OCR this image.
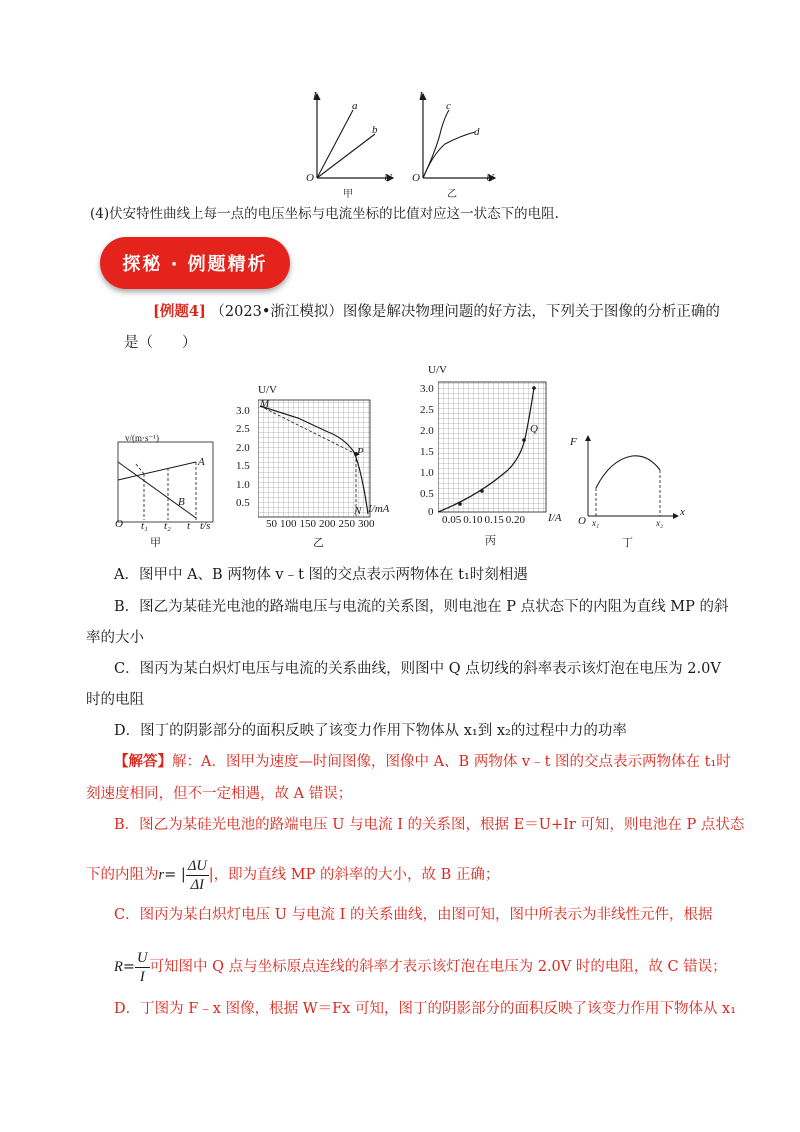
I
U
O
a
b
I
U
O
c
d
甲	乙
(4)伏安特性曲线上每一点的电压坐标与电流坐标的比值对应这一状态下的电阻.
探秘 · 例题精析
[例题4] （2023•浙江模拟）图像是解决物理问题的好方法，下列关于图像的分析正确的
是（　　）
v/(m·s⁻¹)
A
B
O t₁ t₂ t t/s
甲
U/V
M
P
N I/mA
3.0
2.5
2.0
1.5
1.0
0.5
50 100 150 200 250 300
乙
U/V
Q
3.0
2.5
2.0
1.5
1.0
0.5
0
0.05 0.10 0.15 0.20 I/A
丙
F
x
O x₁	x₂
丁
A．图甲中 A、B 两物体 v﹣t 图的交点表示两物体在 t₁时刻相遇
B．图乙为某硅光电池的路端电压与电流的关系图，则电池在 P 点状态下的内阻为直线 MP 的斜
率的大小
C．图丙为某白炽灯电压与电流的关系曲线，则图中 Q 点切线的斜率表示该灯泡在电压为 2.0V
时的电阻
D．图丁的阴影部分的面积反映了该变力作用下物体从 x₁到 x₂的过程中力的功率
【解答】解：A．图甲为速度—时间图像，图像中 A、B 两物体 v﹣t 图的交点表示两物体在 t₁时
刻速度相同，但不一定相遇，故 A 错误；
B．图乙为某硅光电池的路端电压 U 与电流 I 的关系图，根据 E＝U+Ir 可知，则电池在 P 点状态
下的内阻为 r = | $\frac{\Delta U}{\Delta I}$ |，即为直线 MP 的斜率的大小，故 B 正确；
C．图丙为某白炽灯电压 U 与电流 I 的关系曲线，由图可知，图中所表示为非线性元件，根据
$R = \frac{U}{I}$ 可知图中 Q 点与坐标原点连线的斜率才表示该灯泡在电压为 2.0V 时的电阻，故 C 错误；
D．丁图为 F﹣x 图像，根据 W＝Fx 可知，图丁的阴影部分的面积反映了该变力作用下物体从 x₁
